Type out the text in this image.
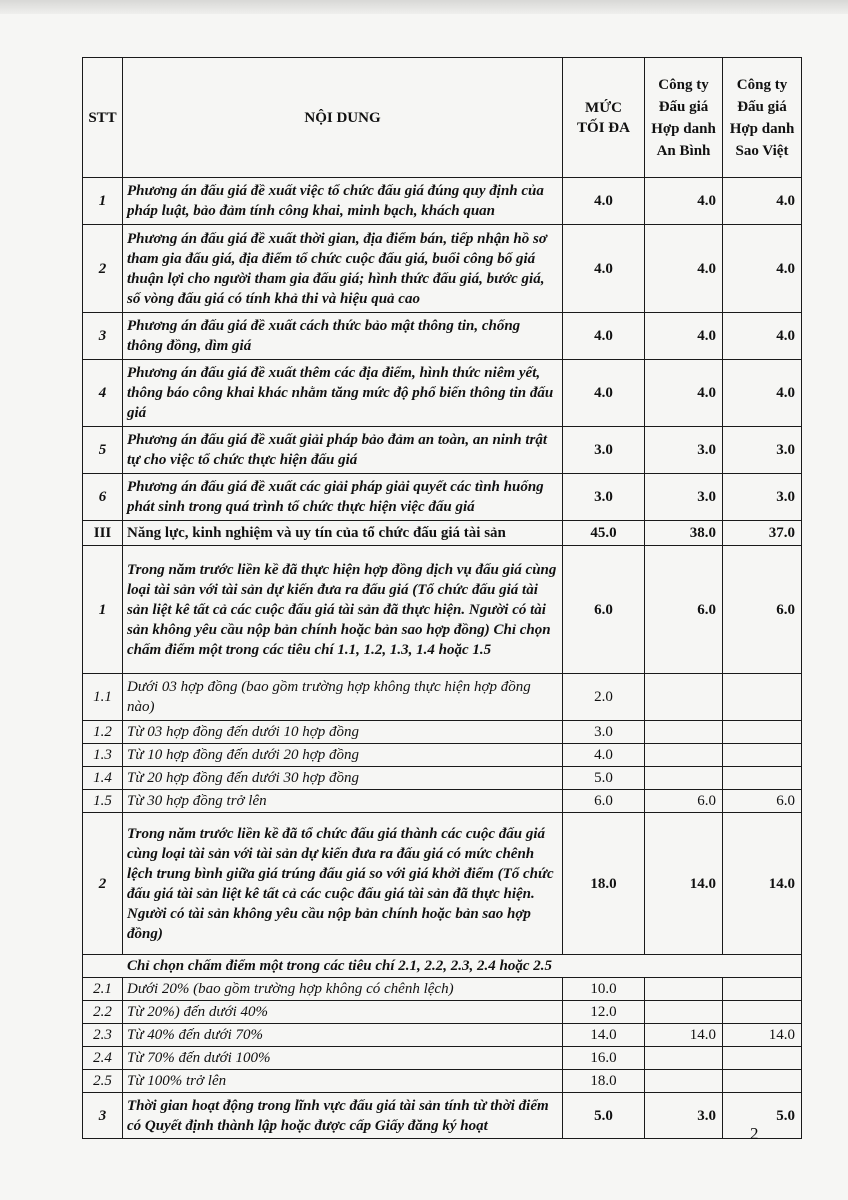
STT	NỘI DUNG	MỨC TỐI ĐA	Công ty Đấu giá Hợp danh An Bình	Công ty Đấu giá Hợp danh Sao Việt
1	Phương án đấu giá đề xuất việc tổ chức đấu giá đúng quy định của pháp luật, bảo đảm tính công khai, minh bạch, khách quan	4.0	4.0	4.0
2	Phương án đấu giá đề xuất thời gian, địa điểm bán, tiếp nhận hồ sơ tham gia đấu giá, địa điểm tổ chức cuộc đấu giá, buổi công bố giá thuận lợi cho người tham gia đấu giá; hình thức đấu giá, bước giá, số vòng đấu giá có tính khả thi và hiệu quả cao	4.0	4.0	4.0
3	Phương án đấu giá đề xuất cách thức bảo mật thông tin, chống thông đồng, dìm giá	4.0	4.0	4.0
4	Phương án đấu giá đề xuất thêm các địa điểm, hình thức niêm yết, thông báo công khai khác nhằm tăng mức độ phổ biến thông tin đấu giá	4.0	4.0	4.0
5	Phương án đấu giá đề xuất giải pháp bảo đảm an toàn, an ninh trật tự cho việc tổ chức thực hiện đấu giá	3.0	3.0	3.0
6	Phương án đấu giá đề xuất các giải pháp giải quyết các tình huống phát sinh trong quá trình tổ chức thực hiện việc đấu giá	3.0	3.0	3.0
III	Năng lực, kinh nghiệm và uy tín của tổ chức đấu giá tài sản	45.0	38.0	37.0
1	Trong năm trước liền kề đã thực hiện hợp đồng dịch vụ đấu giá cùng loại tài sản với tài sản dự kiến đưa ra đấu giá (Tổ chức đấu giá tài sản liệt kê tất cả các cuộc đấu giá tài sản đã thực hiện. Người có tài sản không yêu cầu nộp bản chính hoặc bản sao hợp đồng) Chỉ chọn chấm điểm một trong các tiêu chí 1.1, 1.2, 1.3, 1.4 hoặc 1.5	6.0	6.0	6.0
1.1	Dưới 03 hợp đồng (bao gồm trường hợp không thực hiện hợp đồng nào)	2.0		
1.2	Từ 03 hợp đồng đến dưới 10 hợp đồng	3.0		
1.3	Từ 10 hợp đồng đến dưới 20 hợp đồng	4.0		
1.4	Từ 20 hợp đồng đến dưới 30 hợp đồng	5.0		
1.5	Từ 30 hợp đồng trở lên	6.0	6.0	6.0
2	Trong năm trước liền kề đã tổ chức đấu giá thành các cuộc đấu giá cùng loại tài sản với tài sản dự kiến đưa ra đấu giá có mức chênh lệch trung bình giữa giá trúng đấu giá so với giá khởi điểm (Tổ chức đấu giá tài sản liệt kê tất cả các cuộc đấu giá tài sản đã thực hiện. Người có tài sản không yêu cầu nộp bản chính hoặc bản sao hợp đồng)	18.0	14.0	14.0
Chỉ chọn chấm điểm một trong các tiêu chí 2.1, 2.2, 2.3, 2.4 hoặc 2.5				
2.1	Dưới 20% (bao gồm trường hợp không có chênh lệch)	10.0		
2.2	Từ 20%) đến dưới 40%	12.0		
2.3	Từ 40% đến dưới 70%	14.0	14.0	14.0
2.4	Từ 70% đến dưới 100%	16.0		
2.5	Từ 100% trở lên	18.0		
3	Thời gian hoạt động trong lĩnh vực đấu giá tài sản tính từ thời điểm có Quyết định thành lập hoặc được cấp Giấy đăng ký hoạt	5.0	3.0	5.0
2
